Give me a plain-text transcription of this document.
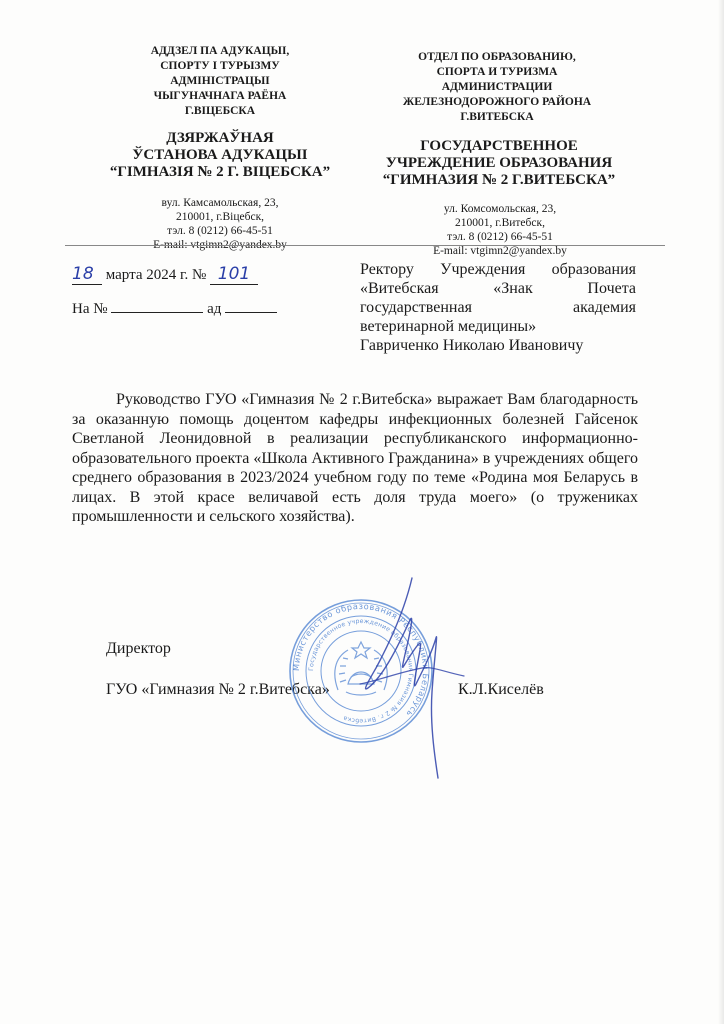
АДДЗЕЛ ПА АДУКАЦЫІ,
СПОРТУ І ТУРЫЗМУ
АДМІНІСТРАЦЫІ
ЧЫГУНАЧНАГА РАЁНА
Г.ВІЦЕБСКА
ДЗЯРЖАЎНАЯ
ЎСТАНОВА АДУКАЦЫІ
“ГІМНАЗІЯ № 2 Г. ВІЦЕБСКА”
вул. Камсамольская, 23,
210001, г.Віцебск,
тэл. 8 (0212) 66-45-51
E-mail: vtgimn2@yandex.by
ОТДЕЛ ПО ОБРАЗОВАНИЮ,
СПОРТА И ТУРИЗМА
АДМИНИСТРАЦИИ
ЖЕЛЕЗНОДОРОЖНОГО РАЙОНА
Г.ВИТЕБСКА
ГОСУДАРСТВЕННОЕ
УЧРЕЖДЕНИЕ ОБРАЗОВАНИЯ
“ГИМНАЗИЯ № 2 Г.ВИТЕБСКА”
ул. Комсомольская, 23,
210001, г.Витебск,
тэл. 8 (0212) 66-45-51
E-mail: vtgimn2@yandex.by
18 марта 2024 г. № 101
На №	ад
Ректору Учреждения образования
«Витебская «Знак Почета
государственная академия
ветеринарной медицины»
Гавриченко Николаю Ивановичу
Руководство ГУО «Гимназия № 2 г.Витебска» выражает Вам благодарность за оказанную помощь доцентом кафедры инфекционных болезней Гайсенок Светланой Леонидовной в реализации республиканского информационно-образовательного проекта «Школа Активного Гражданина» в учреждениях общего среднего образования в 2023/2024 учебном году по теме «Родина моя Беларусь в лицах. В этой красе величавой есть доля труда моего» (о тружениках промышленности и сельского хозяйства).
Директор
ГУО «Гимназия № 2 г.Витебска»	К.Л.Киселёв
Министерство образования Республики Беларусь
Государственное учреждение образования Гимназия № 2 г. Витебска
